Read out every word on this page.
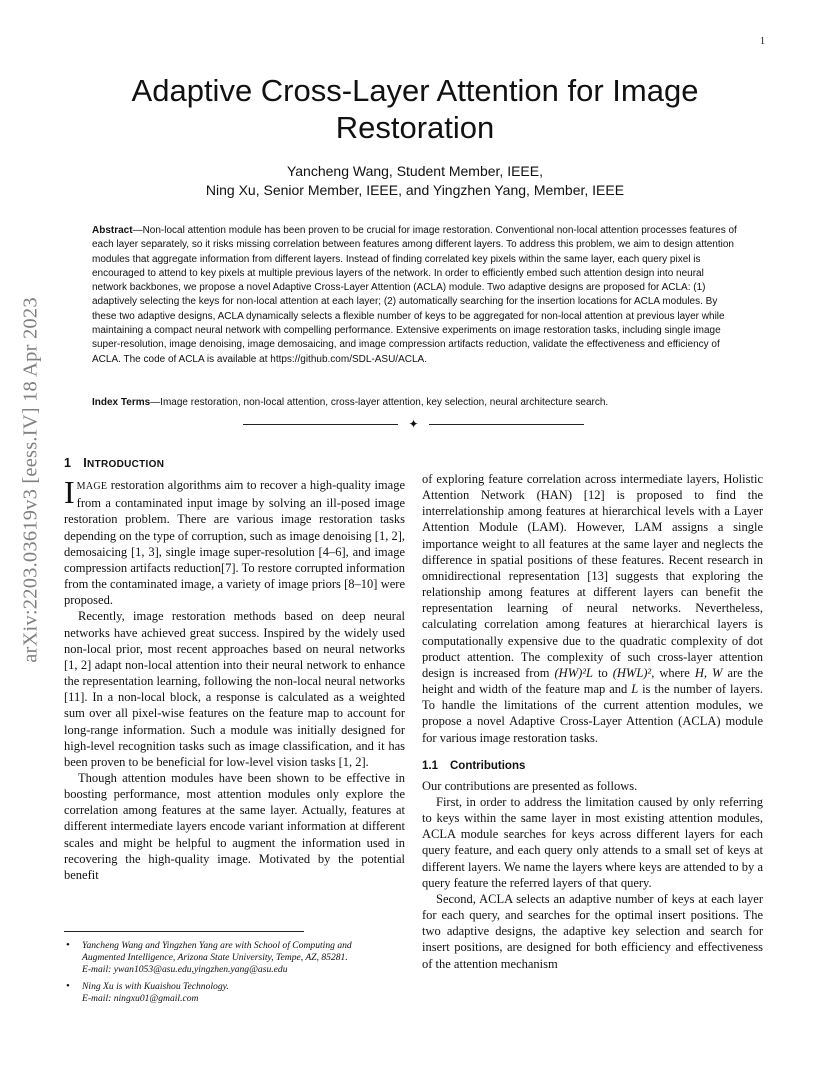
1
arXiv:2203.03619v3 [eess.IV] 18 Apr 2023
Adaptive Cross-Layer Attention for Image
Restoration

Yancheng Wang, Student Member, IEEE,
Ning Xu, Senior Member, IEEE, and Yingzhen Yang, Member, IEEE

Abstract—Non-local attention module has been proven to be crucial for image restoration. Conventional non-local attention processes features of each layer separately, so it risks missing correlation between features among different layers. To address this problem, we aim to design attention modules that aggregate information from different layers. Instead of finding correlated key pixels within the same layer, each query pixel is encouraged to attend to key pixels at multiple previous layers of the network. In order to efficiently embed such attention design into neural network backbones, we propose a novel Adaptive Cross-Layer Attention (ACLA) module. Two adaptive designs are proposed for ACLA: (1) adaptively selecting the keys for non-local attention at each layer; (2) automatically searching for the insertion locations for ACLA modules. By these two adaptive designs, ACLA dynamically selects a flexible number of keys to be aggregated for non-local attention at previous layer while maintaining a compact neural network with compelling performance. Extensive experiments on image restoration tasks, including single image super-resolution, image denoising, image demosaicing, and image compression artifacts reduction, validate the effectiveness and efficiency of ACLA. The code of ACLA is available at https://github.com/SDL-ASU/ACLA.

Index Terms—Image restoration, non-local attention, cross-layer attention, key selection, neural architecture search.

✦
1 INTRODUCTION

IMAGE restoration algorithms aim to recover a high-quality image from a contaminated input image by solving an ill-posed image restoration problem. There are various image restoration tasks depending on the type of corruption, such as image denoising [1, 2], demosaicing [1, 3], single image super-resolution [4–6], and image compression artifacts reduction[7]. To restore corrupted information from the contaminated image, a variety of image priors [8–10] were proposed.

Recently, image restoration methods based on deep neural networks have achieved great success. Inspired by the widely used non-local prior, most recent approaches based on neural networks [1, 2] adapt non-local attention into their neural network to enhance the representation learning, following the non-local neural networks [11]. In a non-local block, a response is calculated as a weighted sum over all pixel-wise features on the feature map to account for long-range information. Such a module was initially designed for high-level recognition tasks such as image classification, and it has been proven to be beneficial for low-level vision tasks [1, 2].

Though attention modules have been shown to be effective in boosting performance, most attention modules only explore the correlation among features at the same layer. Actually, features at different intermediate layers encode variant information at different scales and might be helpful to augment the information used in recovering the high-quality image. Motivated by the potential benefit

of exploring feature correlation across intermediate layers, Holistic Attention Network (HAN) [12] is proposed to find the interrelationship among features at hierarchical levels with a Layer Attention Module (LAM). However, LAM assigns a single importance weight to all features at the same layer and neglects the difference in spatial positions of these features. Recent research in omnidirectional representation [13] suggests that exploring the relationship among features at different layers can benefit the representation learning of neural networks. Nevertheless, calculating correlation among features at hierarchical layers is computationally expensive due to the quadratic complexity of dot product attention. The complexity of such cross-layer attention design is increased from (HW)²L to (HWL)², where H, W are the height and width of the feature map and L is the number of layers. To handle the limitations of the current attention modules, we propose a novel Adaptive Cross-Layer Attention (ACLA) module for various image restoration tasks.

1.1 Contributions

Our contributions are presented as follows.

First, in order to address the limitation caused by only referring to keys within the same layer in most existing attention modules, ACLA module searches for keys across different layers for each query feature, and each query only attends to a small set of keys at different layers. We name the layers where keys are attended to by a query feature the referred layers of that query.

Second, ACLA selects an adaptive number of keys at each layer for each query, and searches for the optimal insert positions. The two adaptive designs, the adaptive key selection and search for insert positions, are designed for both efficiency and effectiveness of the attention mechanism

• Yancheng Wang and Yingzhen Yang are with School of Computing and
Augmented Intelligence, Arizona State University, Tempe, AZ, 85281.
E-mail: ywan1053@asu.edu,yingzhen.yang@asu.edu
• Ning Xu is with Kuaishou Technology.
E-mail: ningxu01@gmail.com
